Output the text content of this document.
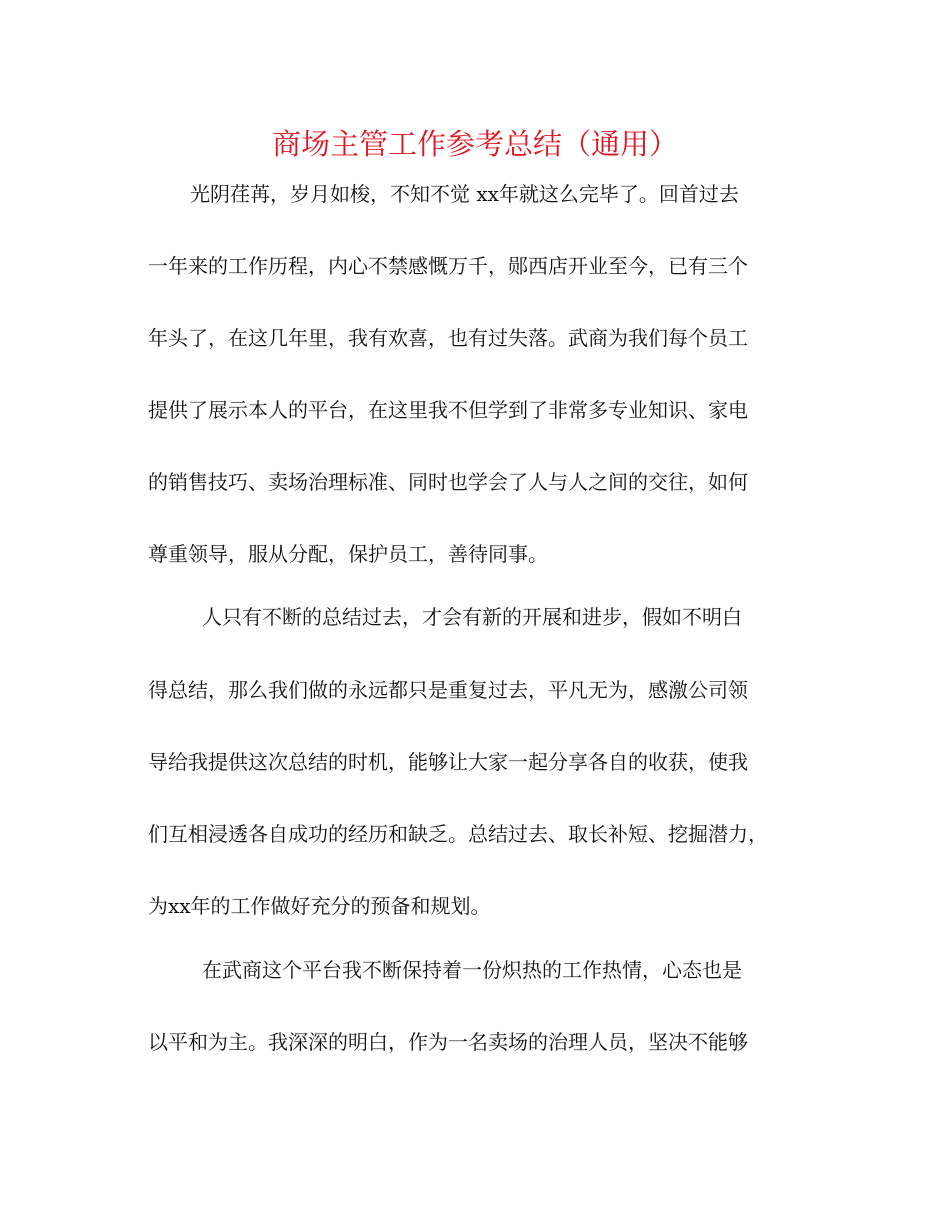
商场主管工作参考总结（通用）

光阴荏苒，岁月如梭，不知不觉 xx年就这么完毕了。回首过去

一年来的工作历程，内心不禁感慨万千，郧西店开业至今，已有三个

年头了，在这几年里，我有欢喜，也有过失落。武商为我们每个员工

提供了展示本人的平台，在这里我不但学到了非常多专业知识、家电

的销售技巧、卖场治理标准、同时也学会了人与人之间的交往，如何

尊重领导，服从分配，保护员工，善待同事。

人只有不断的总结过去，才会有新的开展和进步，假如不明白

得总结，那么我们做的永远都只是重复过去，平凡无为，感激公司领

导给我提供这次总结的时机，能够让大家一起分享各自的收获，使我

们互相浸透各自成功的经历和缺乏。总结过去、取长补短、挖掘潜力，

为xx年的工作做好充分的预备和规划。

在武商这个平台我不断保持着一份炽热的工作热情，心态也是

以平和为主。我深深的明白，作为一名卖场的治理人员，坚决不能够
